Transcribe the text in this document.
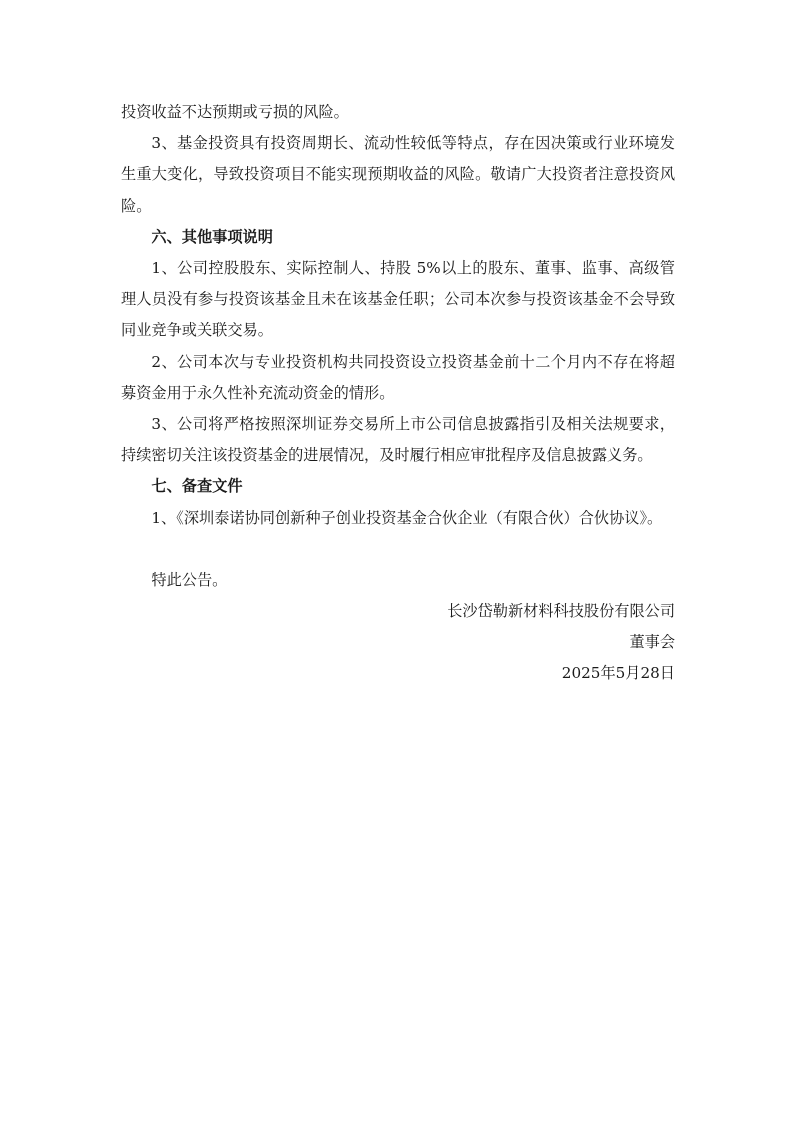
投资收益不达预期或亏损的风险。

3、基金投资具有投资周期长、流动性较低等特点，存在因决策或行业环境发生重大变化，导致投资项目不能实现预期收益的风险。敬请广大投资者注意投资风险。

六、其他事项说明

1、公司控股股东、实际控制人、持股 5%以上的股东、董事、监事、高级管理人员没有参与投资该基金且未在该基金任职；公司本次参与投资该基金不会导致同业竞争或关联交易。

2、公司本次与专业投资机构共同投资设立投资基金前十二个月内不存在将超募资金用于永久性补充流动资金的情形。

3、公司将严格按照深圳证券交易所上市公司信息披露指引及相关法规要求，持续密切关注该投资基金的进展情况，及时履行相应审批程序及信息披露义务。

七、备查文件

1、《深圳泰诺协同创新种子创业投资基金合伙企业（有限合伙）合伙协议》。

特此公告。

长沙岱勒新材料科技股份有限公司

董事会

2025年5月28日
